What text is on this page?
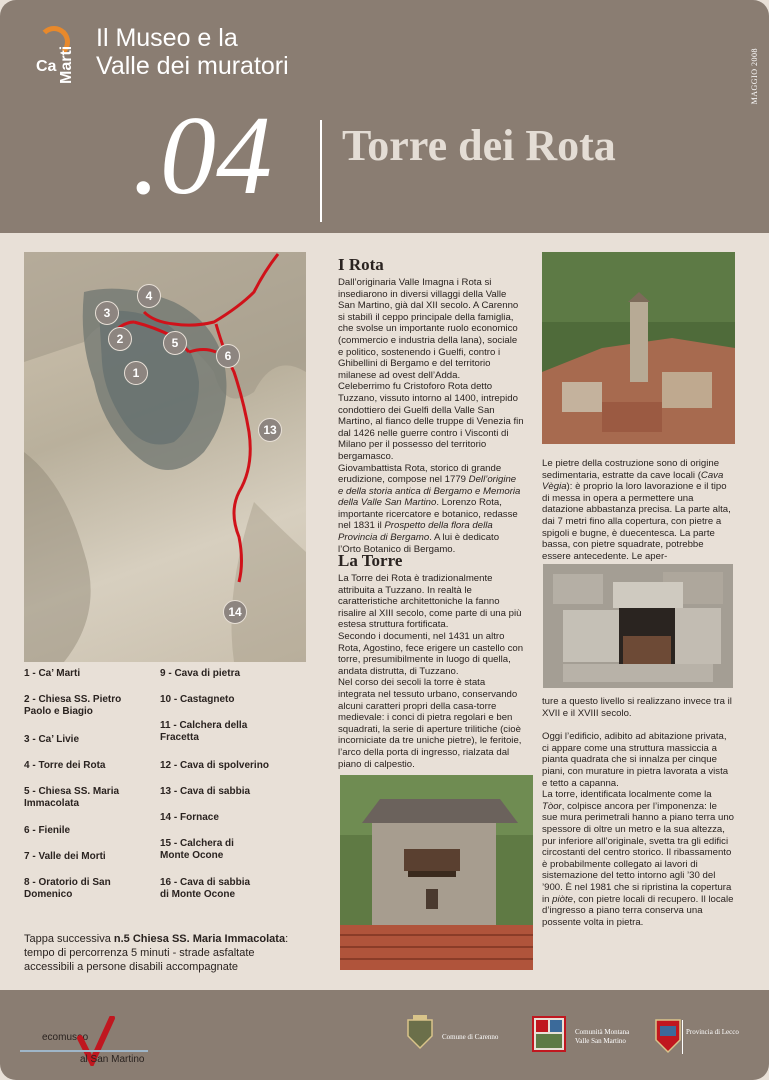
Ca Marti
Il Museo e la
Valle dei muratori	MAGGIO 2008
.04 Torre dei Rota
4
3
2	5
6
1
13
14
1 - Ca’ Marti
2 - Chiesa SS. Pietro Paolo e Biagio
3 - Ca’ Livie
4 - Torre dei Rota
5 - Chiesa SS. Maria Immacolata
6 - Fienile
7 - Valle dei Morti
8 - Oratorio di San Domenico
9 - Cava di pietra
10 - Castagneto
11 - Calchera della Fracetta
12 - Cava di spolverino
13 - Cava di sabbia
14 - Fornace
15 - Calchera di Monte Ocone
16 - Cava di sabbia di Monte Ocone
Tappa successiva n.5 Chiesa SS. Maria Immacolata:
tempo di percorrenza 5 minuti - strade asfaltate
accessibili a persone disabili accompagnate
I Rota

Dall’originaria Valle Imagna i Rota si insediarono in diversi villaggi della Valle San Martino, già dal XII secolo. A Carenno si stabilì il ceppo principale della famiglia, che svolse un importante ruolo economico (commercio e industria della lana), sociale e politico, sostenendo i Guelfi, contro i Ghibellini di Bergamo e del territorio milanese ad ovest dell’Adda.

Celeberrimo fu Cristoforo Rota detto Tuzzano, vissuto intorno al 1400, intrepido condottiero dei Guelfi della Valle San Martino, al fianco delle truppe di Venezia fin dal 1426 nelle guerre contro i Visconti di Milano per il possesso del territorio bergamasco.

Giovambattista Rota, storico di grande erudizione, compose nel 1779 Dell’origine e della storia antica di Bergamo e Memoria della Valle San Martino. Lorenzo Rota, importante ricercatore e botanico, redasse nel 1831 il Prospetto della flora della Provincia di Bergamo. A lui è dedicato l’Orto Botanico di Bergamo.

La Torre

La Torre dei Rota è tradizionalmente attribuita a Tuzzano. In realtà le caratteristiche architettoniche la fanno risalire al XIII secolo, come parte di una più estesa struttura fortificata.

Secondo i documenti, nel 1431 un altro Rota, Agostino, fece erigere un castello con torre, presumibilmente in luogo di quella, andata distrutta, di Tuzzano.

Nel corso dei secoli la torre è stata integrata nel tessuto urbano, conservando alcuni caratteri propri della casa-torre medievale: i conci di pietra regolari e ben squadrati, la serie di aperture trilitiche (cioè incorniciate da tre uniche pietre), le feritoie, l’arco della porta di ingresso, rialzata dal piano di calpestio.

Le pietre della costruzione sono di origine sedimentaria, estratte da cave locali (Cava Vègia): è proprio la loro lavorazione e il tipo di messa in opera a permettere una datazione abbastanza precisa. La parte alta, dai 7 metri fino alla copertura, con pietre a spigoli e bugne, è duecentesca. La parte bassa, con pietre squadrate, potrebbe essere antecedente. Le aper-

ture a questo livello si realizzano invece tra il XVII e il XVIII secolo.

Oggi l’edificio, adibito ad abitazione privata, ci appare come una struttura massiccia a pianta quadrata che si innalza per cinque piani, con murature in pietra lavorata a vista e tetto a capanna.

La torre, identificata localmente come la Tòor, colpisce ancora per l’imponenza: le sue mura perimetrali hanno a piano terra uno spessore di oltre un metro e la sua altezza, pur inferiore all’originale, svetta tra gli edifici circostanti del centro storico. Il ribassamento è probabilmente collegato ai lavori di sistemazione del tetto intorno agli ’30 del ’900. È nel 1981 che si ripristina la copertura in piòte, con pietre locali di recupero. Il locale d’ingresso a piano terra conserva una possente volta in pietra.

ecomuseo
al San Martino
Comune di Carenno
Comunità Montana
Valle San Martino
Provincia di Lecco
